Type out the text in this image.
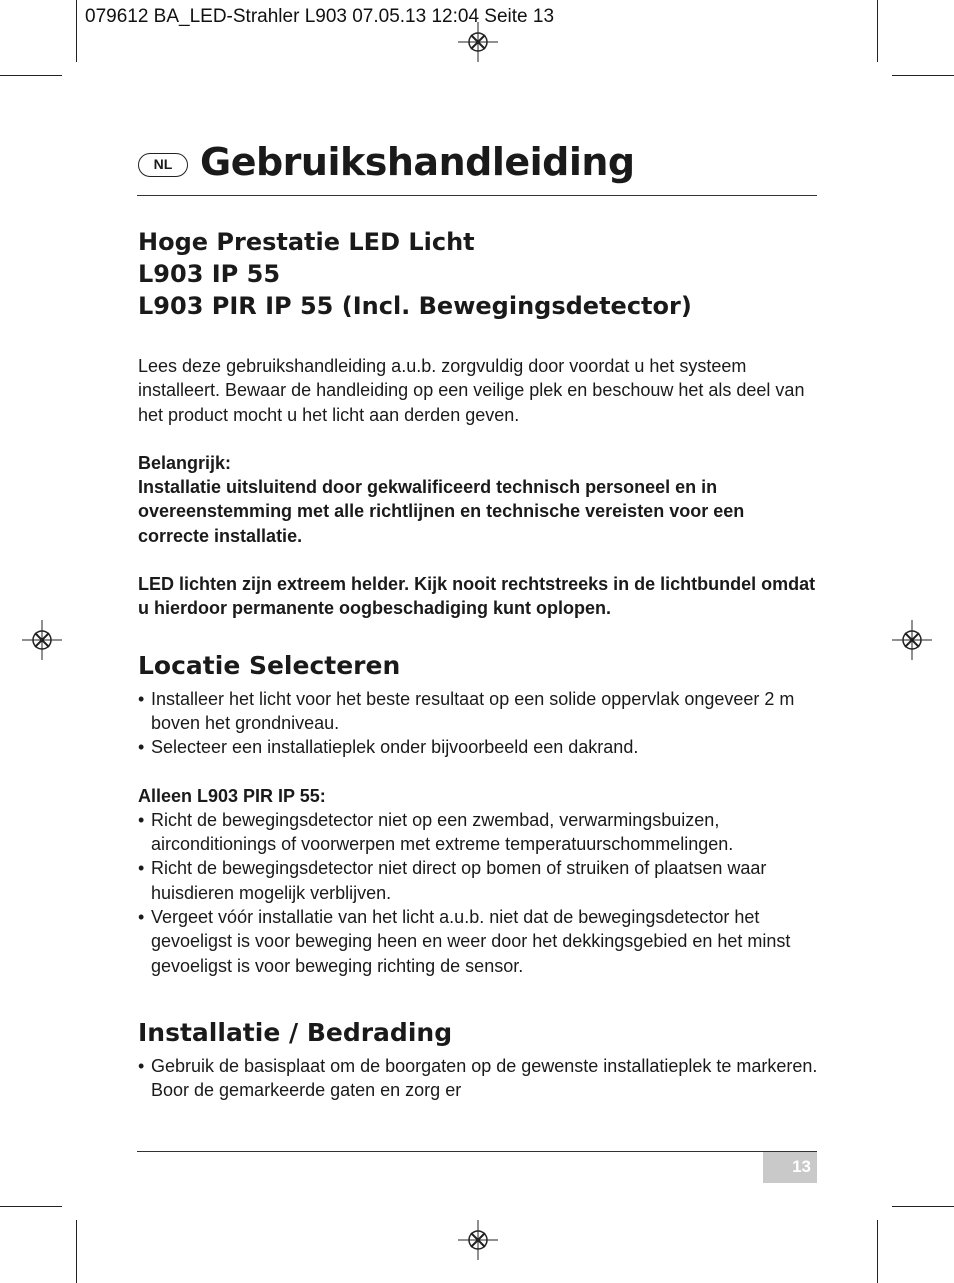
079612 BA_LED-Strahler L903 07.05.13 12:04 Seite 13
NL Gebruikshandleiding
Hoge Prestatie LED Licht
L903 IP 55
L903 PIR IP 55 (Incl. Bewegingsdetector)

Lees deze gebruikshandleiding a.u.b. zorgvuldig door voordat u het systeem installeert. Bewaar de handleiding op een veilige plek en beschouw het als deel van het product mocht u het licht aan derden geven.

Belangrijk:

Installatie uitsluitend door gekwalificeerd technisch personeel en in overeenstemming met alle richtlijnen en technische vereisten voor een correcte installatie.

LED lichten zijn extreem helder. Kijk nooit rechtstreeks in de lichtbundel omdat u hierdoor permanente oogbeschadiging kunt oplopen.

Locatie Selecteren
• Installeer het licht voor het beste resultaat op een solide oppervlak ongeveer 2 m boven het grondniveau.
• Selecteer een installatieplek onder bijvoorbeeld een dakrand.

Alleen L903 PIR IP 55:

• Richt de bewegingsdetector niet op een zwembad, verwarmingsbuizen, airconditionings of voorwerpen met extreme temperatuurschommelingen.
• Richt de bewegingsdetector niet direct op bomen of struiken of plaatsen waar huisdieren mogelijk verblijven.
• Vergeet vóór installatie van het licht a.u.b. niet dat de bewegingsdetector het gevoeligst is voor beweging heen en weer door het dekkingsgebied en het minst gevoeligst is voor beweging richting de sensor.
Installatie / Bedrading
• Gebruik de basisplaat om de boorgaten op de gewenste installatieplek te markeren. Boor de gemarkeerde gaten en zorg er
13
